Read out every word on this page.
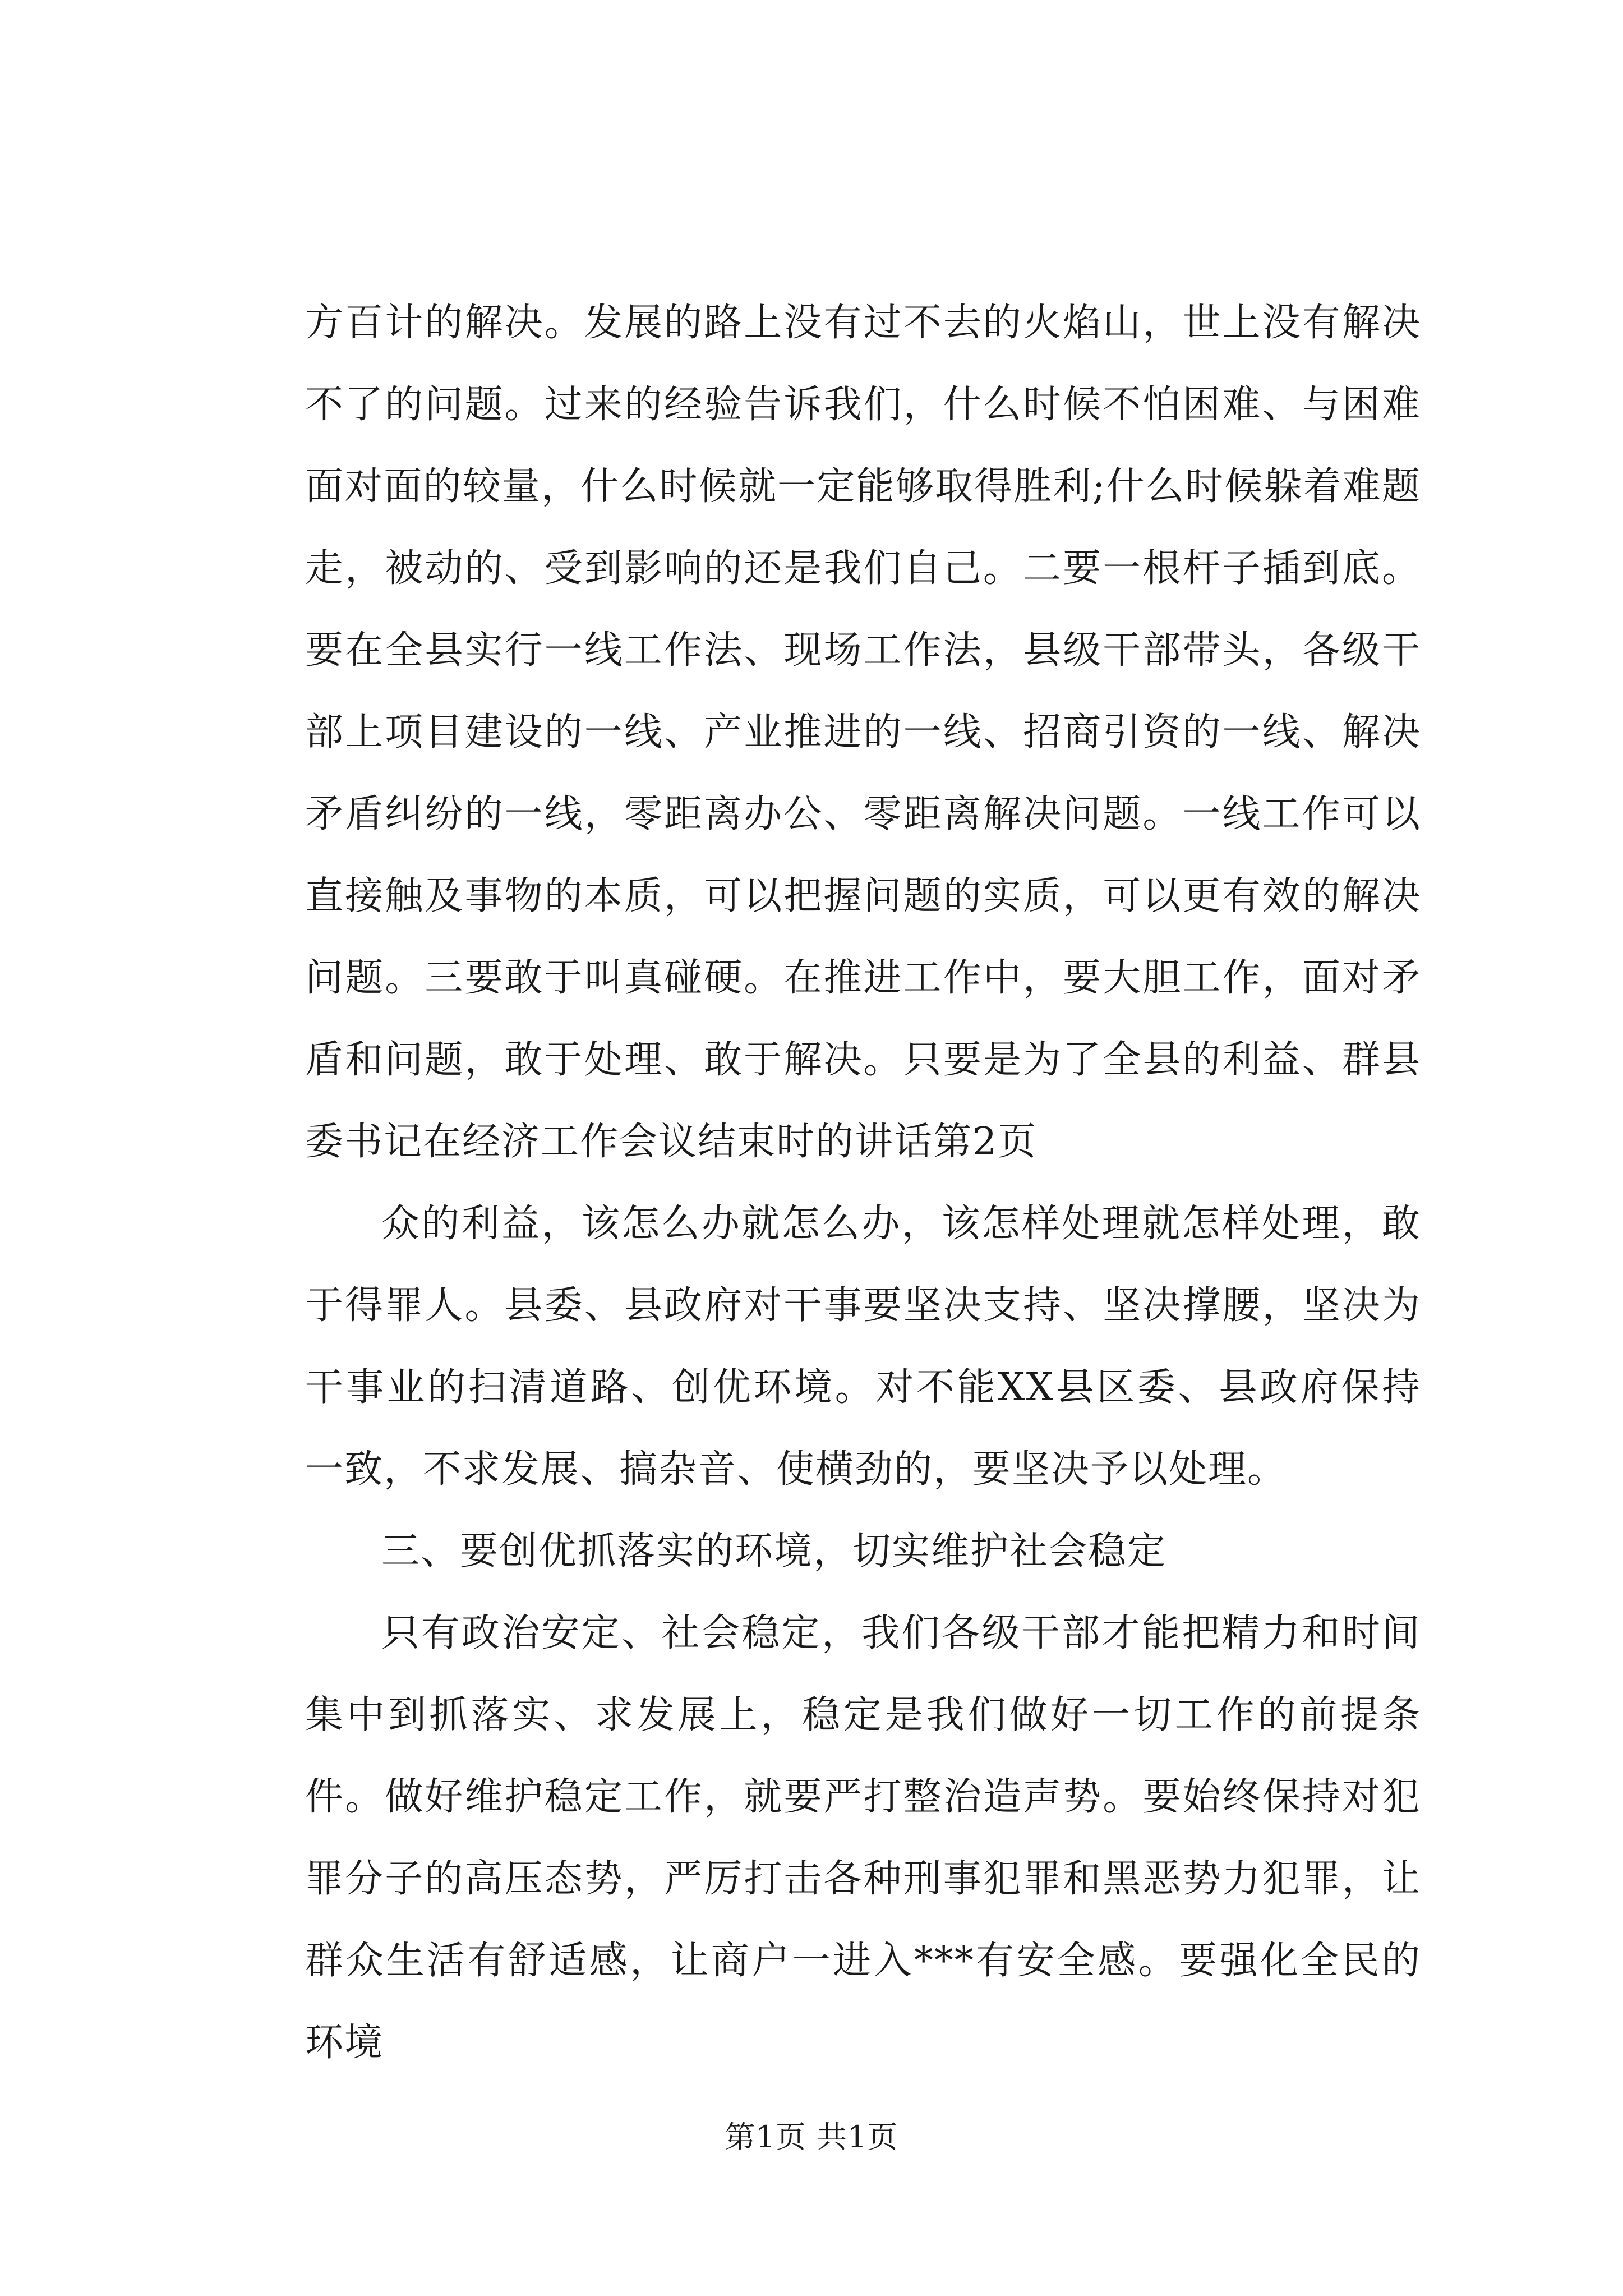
方百计的解决。发展的路上没有过不去的火焰山，世上没有解决不了的问题。过来的经验告诉我们，什么时候不怕困难、与困难面对面的较量，什么时候就一定能够取得胜利;什么时候躲着难题走，被动的、受到影响的还是我们自己。二要一根杆子插到底。要在全县实行一线工作法、现场工作法，县级干部带头，各级干部上项目建设的一线、产业推进的一线、招商引资的一线、解决矛盾纠纷的一线，零距离办公、零距离解决问题。一线工作可以直接触及事物的本质，可以把握问题的实质，可以更有效的解决问题。三要敢于叫真碰硬。在推进工作中，要大胆工作，面对矛盾和问题，敢于处理、敢于解决。只要是为了全县的利益、群县委书记在经济工作会议结束时的讲话第2页

众的利益，该怎么办就怎么办，该怎样处理就怎样处理，敢于得罪人。县委、县政府对干事要坚决支持、坚决撑腰，坚决为干事业的扫清道路、创优环境。对不能XX县区委、县政府保持一致，不求发展、搞杂音、使横劲的，要坚决予以处理。

三、要创优抓落实的环境，切实维护社会稳定

只有政治安定、社会稳定，我们各级干部才能把精力和时间集中到抓落实、求发展上，稳定是我们做好一切工作的前提条件。做好维护稳定工作，就要严打整治造声势。要始终保持对犯罪分子的高压态势，严厉打击各种刑事犯罪和黑恶势力犯罪，让群众生活有舒适感，让商户一进入***有安全感。要强化全民的环境

第1页 共1页
